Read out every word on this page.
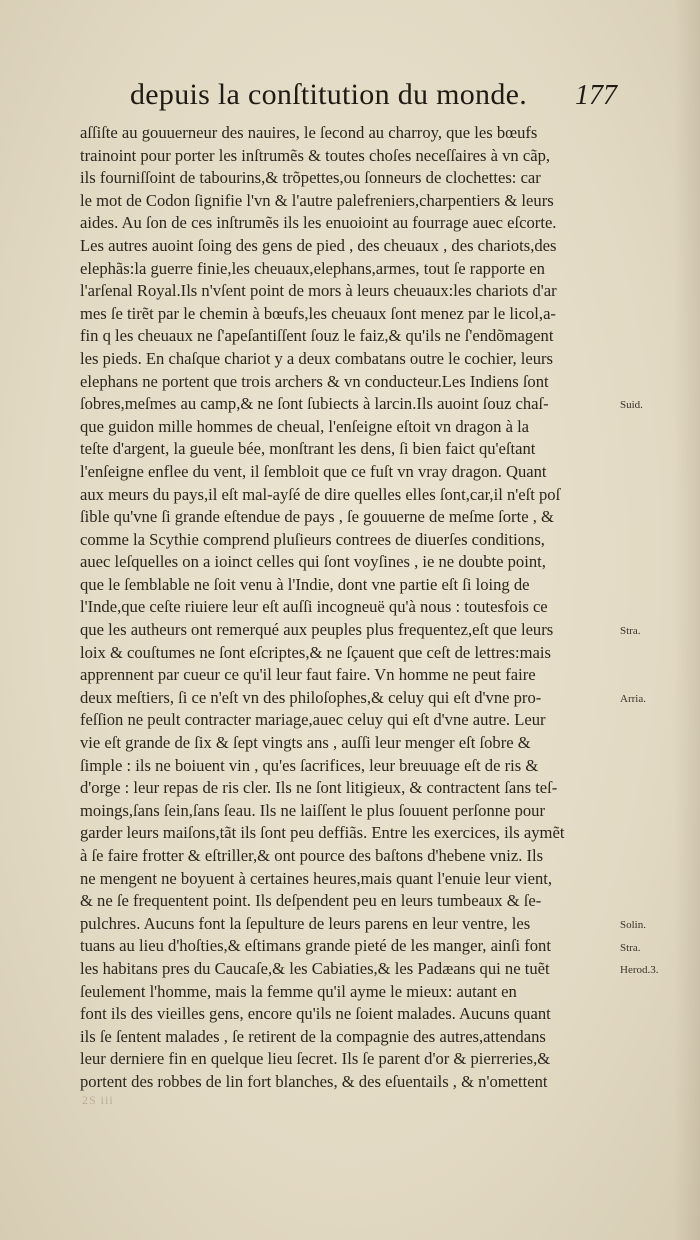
depuis la conſtitution du monde. 177
aſſiſte au gouuerneur des nauires, le ſecond au charroy, que les bœufs
trainoint pour porter les inſtrumẽs & toutes choſes neceſſaires à vn cãp,
ils fourniſſoint de tabourins,& trõpettes,ou ſonneurs de clochettes: car
le mot de Codon ſignifie l'vn & l'autre palefreniers,charpentiers & leurs
aides. Au ſon de ces inſtrumẽs ils les enuoioint au fourrage auec eſcorte.
Les autres auoint ſoing des gens de pied , des cheuaux , des chariots,des
elephãs:la guerre finie,les cheuaux,elephans,armes, tout ſe rapporte en
l'arſenal Royal.Ils n'vſent point de mors à leurs cheuaux:les chariots d'ar
mes ſe tirẽt par le chemin à bœufs,les cheuaux ſont menez par le licol,a-
fin q les cheuaux ne ſ'apeſantiſſent ſouz le faiz,& qu'ils ne ſ'endõmagent
les pieds. En chaſque chariot y a deux combatans outre le cochier, leurs
elephans ne portent que trois archers & vn conducteur.Les Indiens ſont
ſobres,meſmes au camp,& ne ſont ſubiects à larcin.Ils auoint ſouz chaſ-
que guidon mille hommes de cheual, l'enſeigne eſtoit vn dragon à la
teſte d'argent, la gueule bée, monſtrant les dens, ſi bien faict qu'eſtant
l'enſeigne enflee du vent, il ſembloit que ce fuſt vn vray dragon. Quant
aux meurs du pays,il eſt mal-ayſé de dire quelles elles ſont,car,il n'eſt poſ
ſible qu'vne ſi grande eſtendue de pays , ſe gouuerne de meſme ſorte , &
comme la Scythie comprend pluſieurs contrees de diuerſes conditions,
auec leſquelles on a ioinct celles qui ſont voyſines , ie ne doubte point,
que le ſemblable ne ſoit venu à l'Indie, dont vne partie eſt ſi loing de
l'Inde,que ceſte riuiere leur eſt auſſi incogneuë qu'à nous : toutesfois ce
que les autheurs ont remerqué aux peuples plus frequentez,eſt que leurs
loix & couſtumes ne ſont eſcriptes,& ne ſçauent que ceſt de lettres:mais
apprennent par cueur ce qu'il leur faut faire. Vn homme ne peut faire
deux meſtiers, ſi ce n'eſt vn des philoſophes,& celuy qui eſt d'vne pro-
feſſion ne peult contracter mariage,auec celuy qui eſt d'vne autre. Leur
vie eſt grande de ſix & ſept vingts ans , auſſi leur menger eſt ſobre &
ſimple : ils ne boiuent vin , qu'es ſacrifices, leur breuuage eſt de ris &
d'orge : leur repas de ris cler. Ils ne ſont litigieux, & contractent ſans teſ-
moings,ſans ſein,ſans ſeau. Ils ne laiſſent le plus ſouuent perſonne pour
garder leurs maiſons,tãt ils ſont peu deffiãs. Entre les exercices, ils aymẽt
à ſe faire frotter & eſtriller,& ont pource des baſtons d'hebene vniz. Ils
ne mengent ne boyuent à certaines heures,mais quant l'enuie leur vient,
& ne ſe frequentent point. Ils deſpendent peu en leurs tumbeaux & ſe-
pulchres. Aucuns font la ſepulture de leurs parens en leur ventre, les
tuans au lieu d'hoſties,& eſtimans grande pieté de les manger, ainſi font
les habitans pres du Caucaſe,& les Cabiaties,& les Padæans qui ne tuẽt
ſeulement l'homme, mais la femme qu'il ayme le mieux: autant en
font ils des vieilles gens, encore qu'ils ne ſoient malades. Aucuns quant
ils ſe ſentent malades , ſe retirent de la compagnie des autres,attendans
leur derniere fin en quelque lieu ſecret. Ils ſe parent d'or & pierreries,&
portent des robbes de lin fort blanches, & des eſuentails , & n'omettent
Suid.
Stra.
Arria.
Solin.
Stra.
Herod.3.
2S iii
